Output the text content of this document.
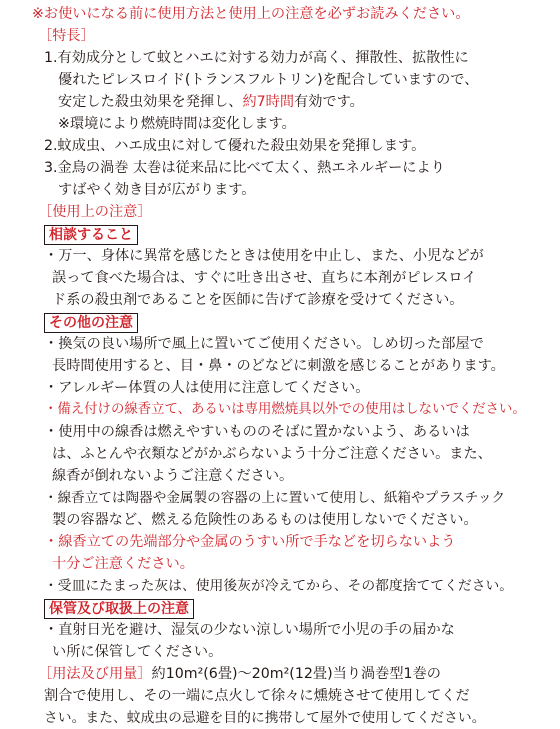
※お使いになる前に使用方法と使用上の注意を必ずお読みください。
［特長］
1.有効成分として蚊とハエに対する効力が高く、揮散性、拡散性に
優れたピレスロイド(トランスフルトリン)を配合していますので、
安定した殺虫効果を発揮し、約7時間有効です。
※環境により燃焼時間は変化します。
2.蚊成虫、ハエ成虫に対して優れた殺虫効果を発揮します。
3.金鳥の渦巻 太巻は従来品に比べて太く、熱エネルギーにより
すばやく効き目が広がります。
［使用上の注意］
相談すること
・万一、身体に異常を感じたときは使用を中止し、また、小児などが
誤って食べた場合は、すぐに吐き出させ、直ちに本剤がピレスロイ
ド系の殺虫剤であることを医師に告げて診療を受けてください。
その他の注意
・換気の良い場所で風上に置いてご使用ください。しめ切った部屋で
長時間使用すると、目・鼻・のどなどに刺激を感じることがあります。
・アレルギー体質の人は使用に注意してください。
・備え付けの線香立て、あるいは専用燃焼具以外での使用はしないでください。
・使用中の線香は燃えやすいもののそばに置かないよう、あるいは
は、ふとんや衣類などがかぶらないよう十分ご注意ください。また、
線香が倒れないようご注意ください。
・線香立ては陶器や金属製の容器の上に置いて使用し、紙箱やプラスチック
製の容器など、燃える危険性のあるものは使用しないでください。
・線香立ての先端部分や金属のうすい所で手などを切らないよう
十分ご注意ください。
・受皿にたまった灰は、使用後灰が冷えてから、その都度捨ててください。
保管及び取扱上の注意
・直射日光を避け、湿気の少ない涼しい場所で小児の手の届かな
い所に保管してください。
［用法及び用量］約10m²(6畳)～20m²(12畳)当り渦巻型1巻の
割合で使用し、その一端に点火して徐々に燻焼させて使用してくだ
さい。また、蚊成虫の忌避を目的に携帯して屋外で使用してください。
